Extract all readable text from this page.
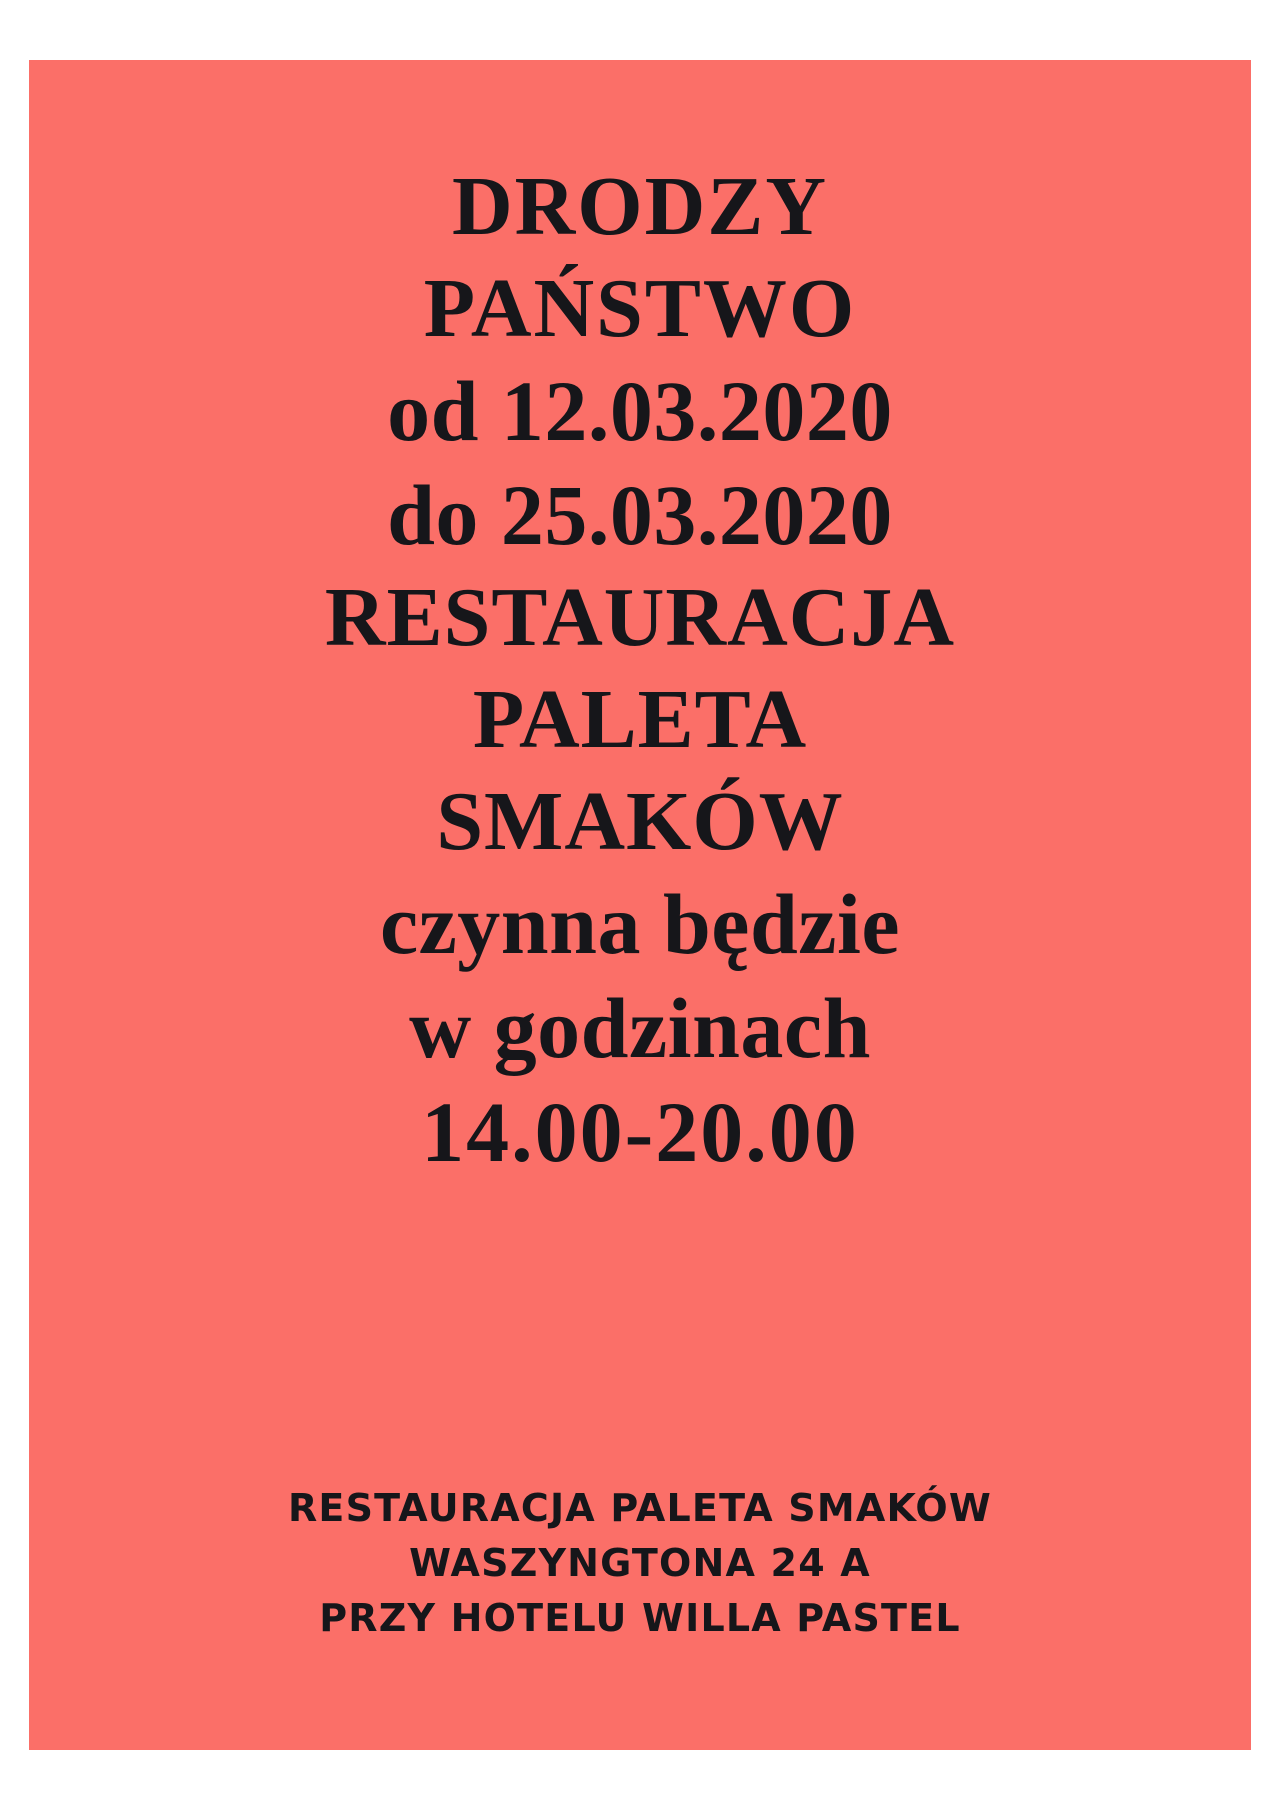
DRODZY
PAŃSTWO
od 12.03.2020
do 25.03.2020
RESTAURACJA
PALETA
SMAKÓW
czynna będzie
w godzinach
14.00-20.00
RESTAURACJA PALETA SMAKÓW
WASZYNGTONA 24 A
PRZY HOTELU WILLA PASTEL
